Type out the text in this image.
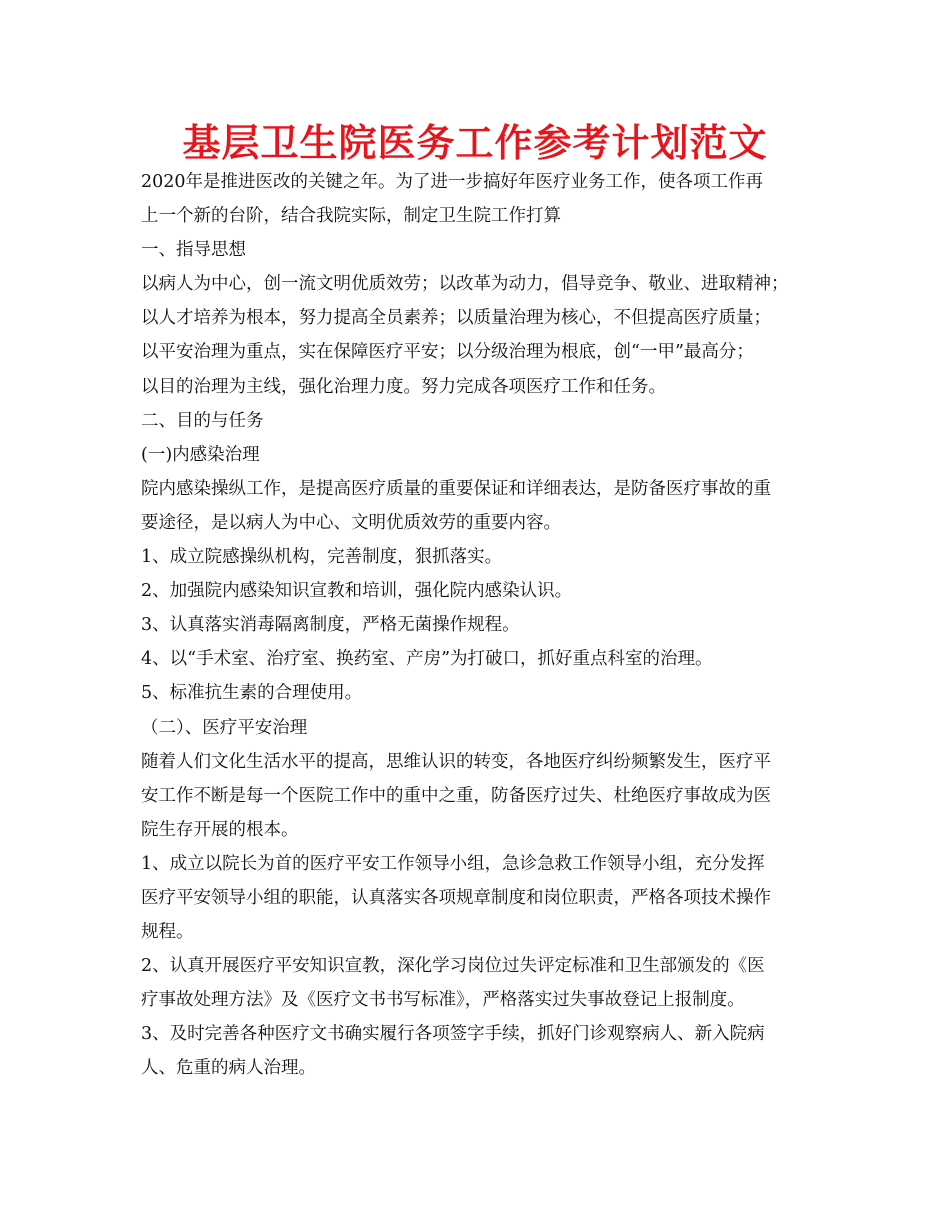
基层卫生院医务工作参考计划范文
2020年是推进医改的关键之年。为了进一步搞好年医疗业务工作，使各项工作再
上一个新的台阶，结合我院实际，制定卫生院工作打算
一、指导思想
以病人为中心，创一流文明优质效劳；以改革为动力，倡导竞争、敬业、进取精神；
以人才培养为根本，努力提高全员素养；以质量治理为核心，不但提高医疗质量；
以平安治理为重点，实在保障医疗平安；以分级治理为根底，创“一甲”最高分；
以目的治理为主线，强化治理力度。努力完成各项医疗工作和任务。
二、目的与任务
(一)内感染治理
院内感染操纵工作，是提高医疗质量的重要保证和详细表达，是防备医疗事故的重
要途径，是以病人为中心、文明优质效劳的重要内容。
1、成立院感操纵机构，完善制度，狠抓落实。
2、加强院内感染知识宣教和培训，强化院内感染认识。
3、认真落实消毒隔离制度，严格无菌操作规程。
4、以“手术室、治疗室、换药室、产房”为打破口，抓好重点科室的治理。
5、标准抗生素的合理使用。
（二）、医疗平安治理
随着人们文化生活水平的提高，思维认识的转变，各地医疗纠纷频繁发生，医疗平
安工作不断是每一个医院工作中的重中之重，防备医疗过失、杜绝医疗事故成为医
院生存开展的根本。
1、成立以院长为首的医疗平安工作领导小组，急诊急救工作领导小组，充分发挥
医疗平安领导小组的职能，认真落实各项规章制度和岗位职责，严格各项技术操作
规程。
2、认真开展医疗平安知识宣教，深化学习岗位过失评定标准和卫生部颁发的《医
疗事故处理方法》及《医疗文书书写标准》，严格落实过失事故登记上报制度。
3、及时完善各种医疗文书确实履行各项签字手续，抓好门诊观察病人、新入院病
人、危重的病人治理。
